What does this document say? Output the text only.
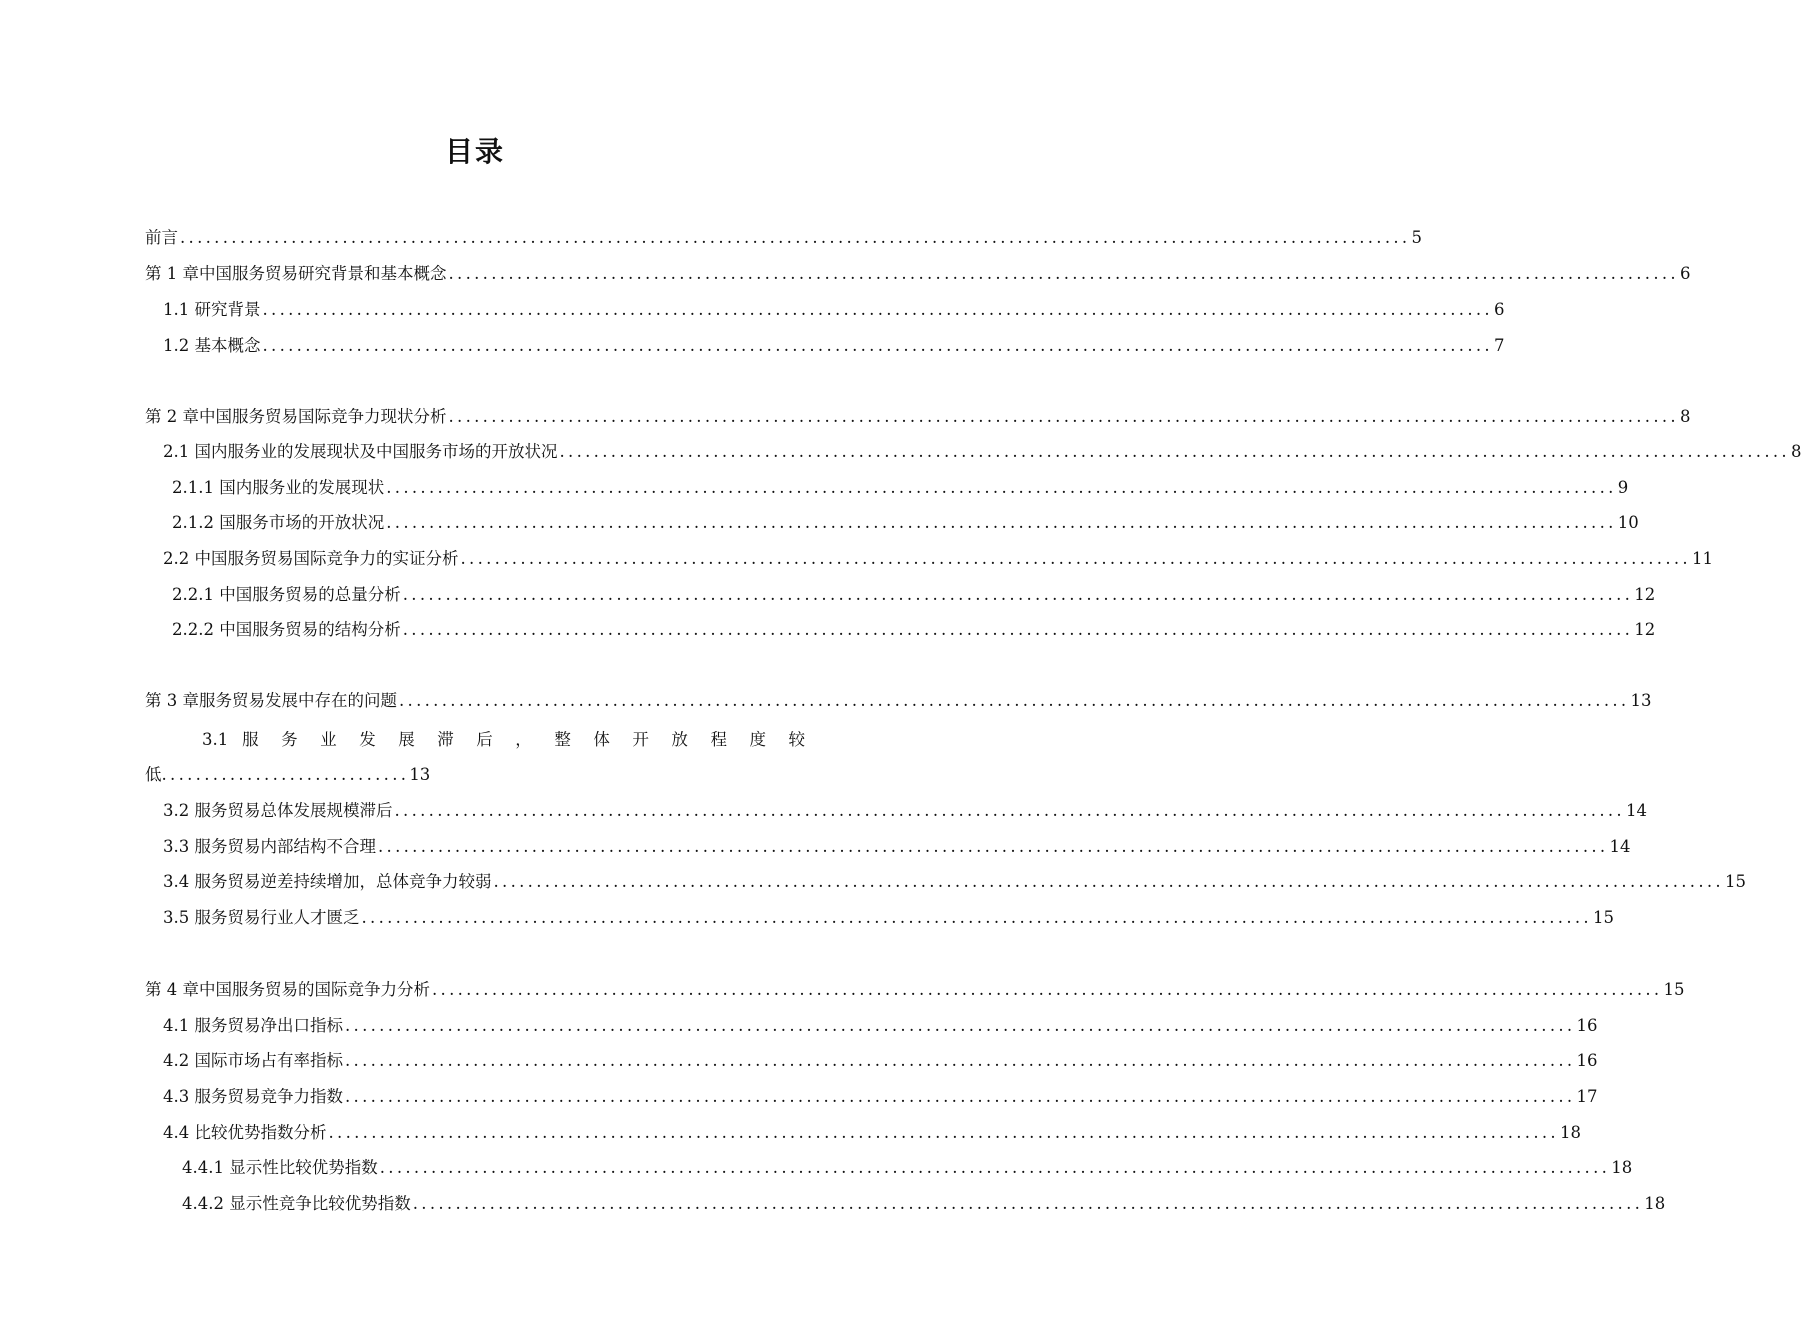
目录
前言 ................................................................................................................................................ 5
第 1 章中国服务贸易研究背景和基本概念 ................................................................................................................................................ 6
1.1 研究背景 ................................................................................................................................................ 6
1.2 基本概念 ................................................................................................................................................ 7
第 2 章中国服务贸易国际竞争力现状分析 ................................................................................................................................................ 8
2.1 国内服务业的发展现状及中国服务市场的开放状况 ................................................................................................................................................ 8
2.1.1 国内服务业的发展现状 ................................................................................................................................................ 9
2.1.2 国服务市场的开放状况 ................................................................................................................................................ 10
2.2 中国服务贸易国际竞争力的实证分析 ................................................................................................................................................ 11
2.2.1 中国服务贸易的总量分析 ................................................................................................................................................ 12
2.2.2 中国服务贸易的结构分析 ................................................................................................................................................ 12
第 3 章服务贸易发展中存在的问题 ................................................................................................................................................ 13
3.1 服 务 业 发 展 滞 后 ， 整 体 开 放 程 度 较
低.............................13
3.2 服务贸易总体发展规模滞后 ................................................................................................................................................ 14
3.3 服务贸易内部结构不合理 ................................................................................................................................................ 14
3.4 服务贸易逆差持续增加，总体竞争力较弱 ................................................................................................................................................ 15
3.5 服务贸易行业人才匮乏 ................................................................................................................................................ 15
第 4 章中国服务贸易的国际竞争力分析 ................................................................................................................................................ 15
4.1 服务贸易净出口指标 ................................................................................................................................................ 16
4.2 国际市场占有率指标 ................................................................................................................................................ 16
4.3 服务贸易竞争力指数 ................................................................................................................................................ 17
4.4 比较优势指数分析 ................................................................................................................................................ 18
4.4.1 显示性比较优势指数 ................................................................................................................................................ 18
4.4.2 显示性竞争比较优势指数 ................................................................................................................................................ 18
